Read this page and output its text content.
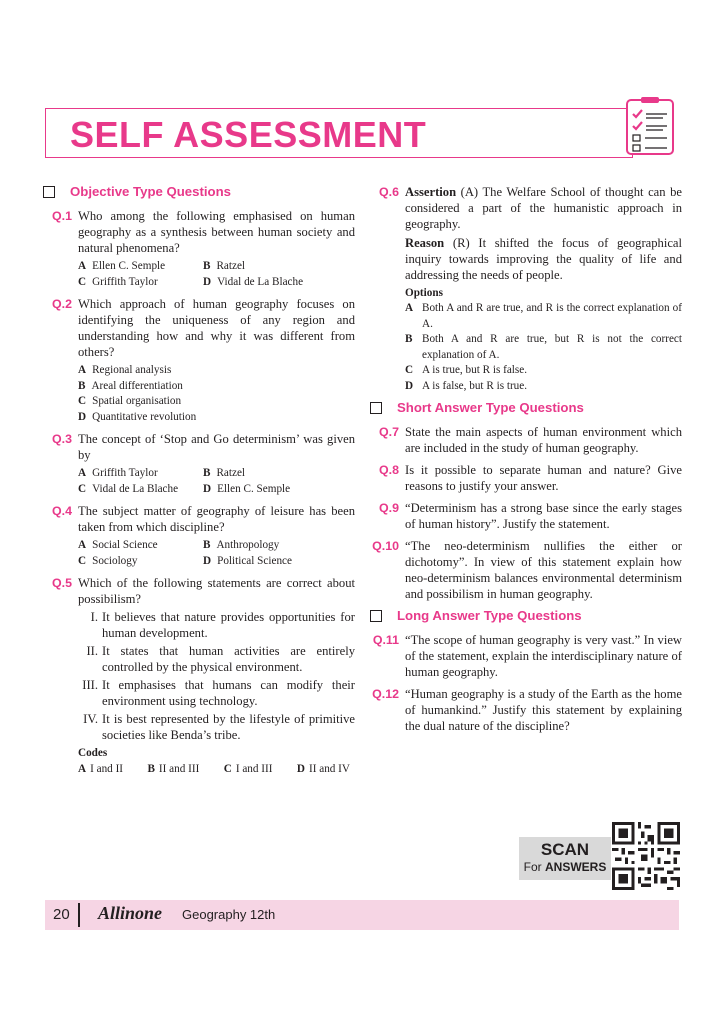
SELF ASSESSMENT
Objective Type Questions
Q.1 Who among the following emphasised on human geography as a synthesis between human society and natural phenomena?
A Ellen C. Semple	B Ratzel
C Griffith Taylor	D Vidal de La Blache
Q.2 Which approach of human geography focuses on identifying the uniqueness of any region and understanding how and why it was different from others?
A Regional analysis
B Areal differentiation
C Spatial organisation
D Quantitative revolution
Q.3 The concept of ‘Stop and Go determinism’ was given by
A Griffith Taylor	B Ratzel
C Vidal de La Blache	D Ellen C. Semple
Q.4 The subject matter of geography of leisure has been taken from which discipline?
A Social Science	B Anthropology
C Sociology	D Political Science
Q.5 Which of the following statements are correct about possibilism?
I. It believes that nature provides opportunities for human development.
II. It states that human activities are entirely controlled by the physical environment.
III. It emphasises that humans can modify their environment using technology.
IV. It is best represented by the lifestyle of primitive societies like Benda’s tribe.
Codes
A I and II B II and III C I and III D II and IV
Q.6 Assertion (A) The Welfare School of thought can be considered a part of the humanistic approach in geography.
Reason (R) It shifted the focus of geographical inquiry towards improving the quality of life and addressing the needs of people.
Options
A Both A and R are true, and R is the correct explanation of A.
B Both A and R are true, but R is not the correct explanation of A.
C A is true, but R is false.
D A is false, but R is true.
Short Answer Type Questions
Q.7 State the main aspects of human environment which are included in the study of human geography.
Q.8 Is it possible to separate human and nature? Give reasons to justify your answer.
Q.9 “Determinism has a strong base since the early stages of human history”. Justify the statement.
Q.10 “The neo-determinism nullifies the either or dichotomy”. In view of this statement explain how neo-determinism balances environmental determinism and possibilism in human geography.
Long Answer Type Questions
Q.11 “The scope of human geography is very vast.” In view of the statement, explain the interdisciplinary nature of human geography.
Q.12 “Human geography is a study of the Earth as the home of humankind.” Justify this statement by explaining the dual nature of the discipline?
SCAN
For ANSWERS
20 Allinone Geography 12th
